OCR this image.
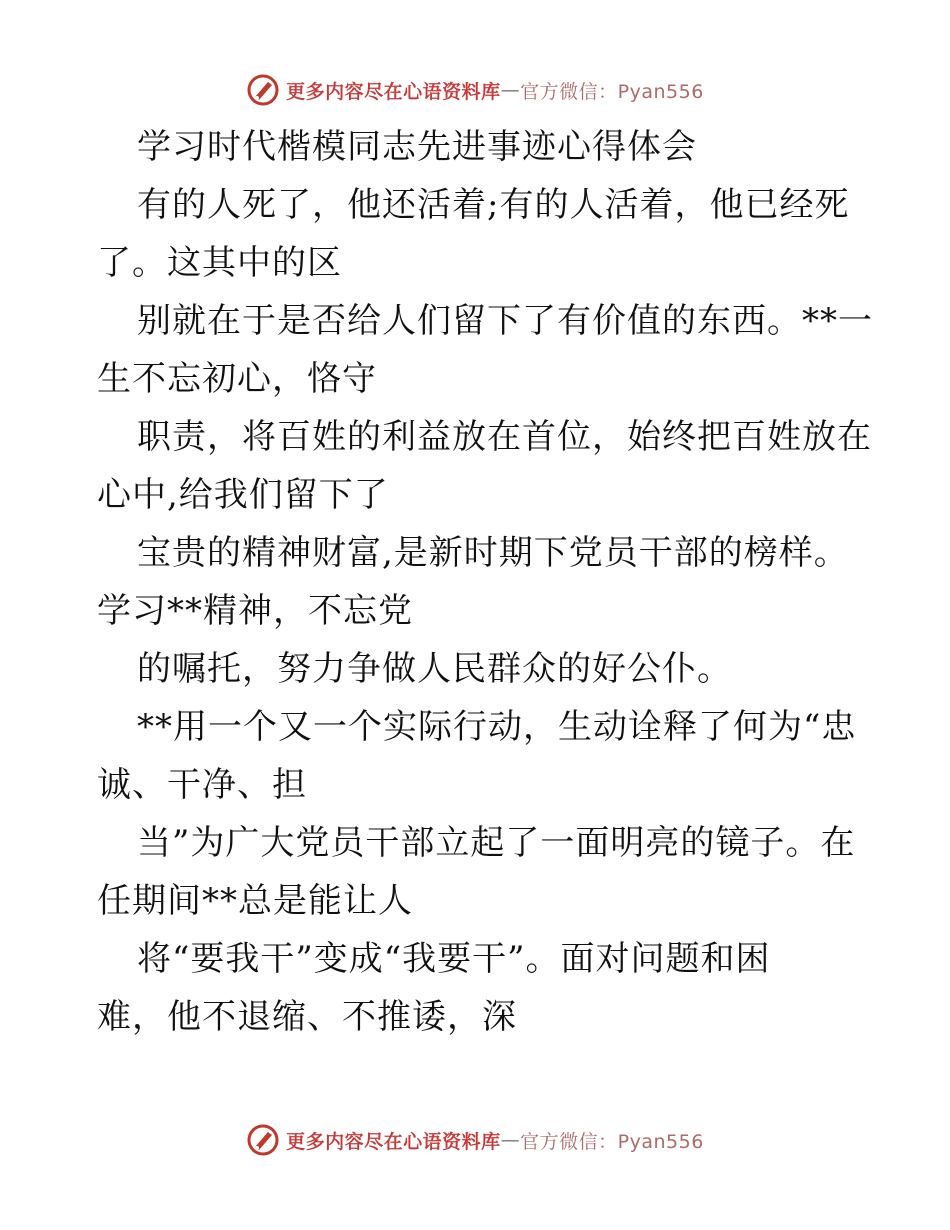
更多内容尽在心语资料库 — 官方微信：Pyan556
学习时代楷模同志先进事迹心得体会
有的人死了，他还活着;有的人活着，他已经死
了。这其中的区
别就在于是否给人们留下了有价值的东西。**一
生不忘初心，恪守
职责，将百姓的利益放在首位，始终把百姓放在
心中,给我们留下了
宝贵的精神财富,是新时期下党员干部的榜样。
学习**精神，不忘党
的嘱托，努力争做人民群众的好公仆。
**用一个又一个实际行动，生动诠释了何为“忠
诚、干净、担
当”为广大党员干部立起了一面明亮的镜子。在
任期间**总是能让人
将“要我干”变成“我要干”。面对问题和困
难，他不退缩、不推诿，深
更多内容尽在心语资料库 — 官方微信：Pyan556
